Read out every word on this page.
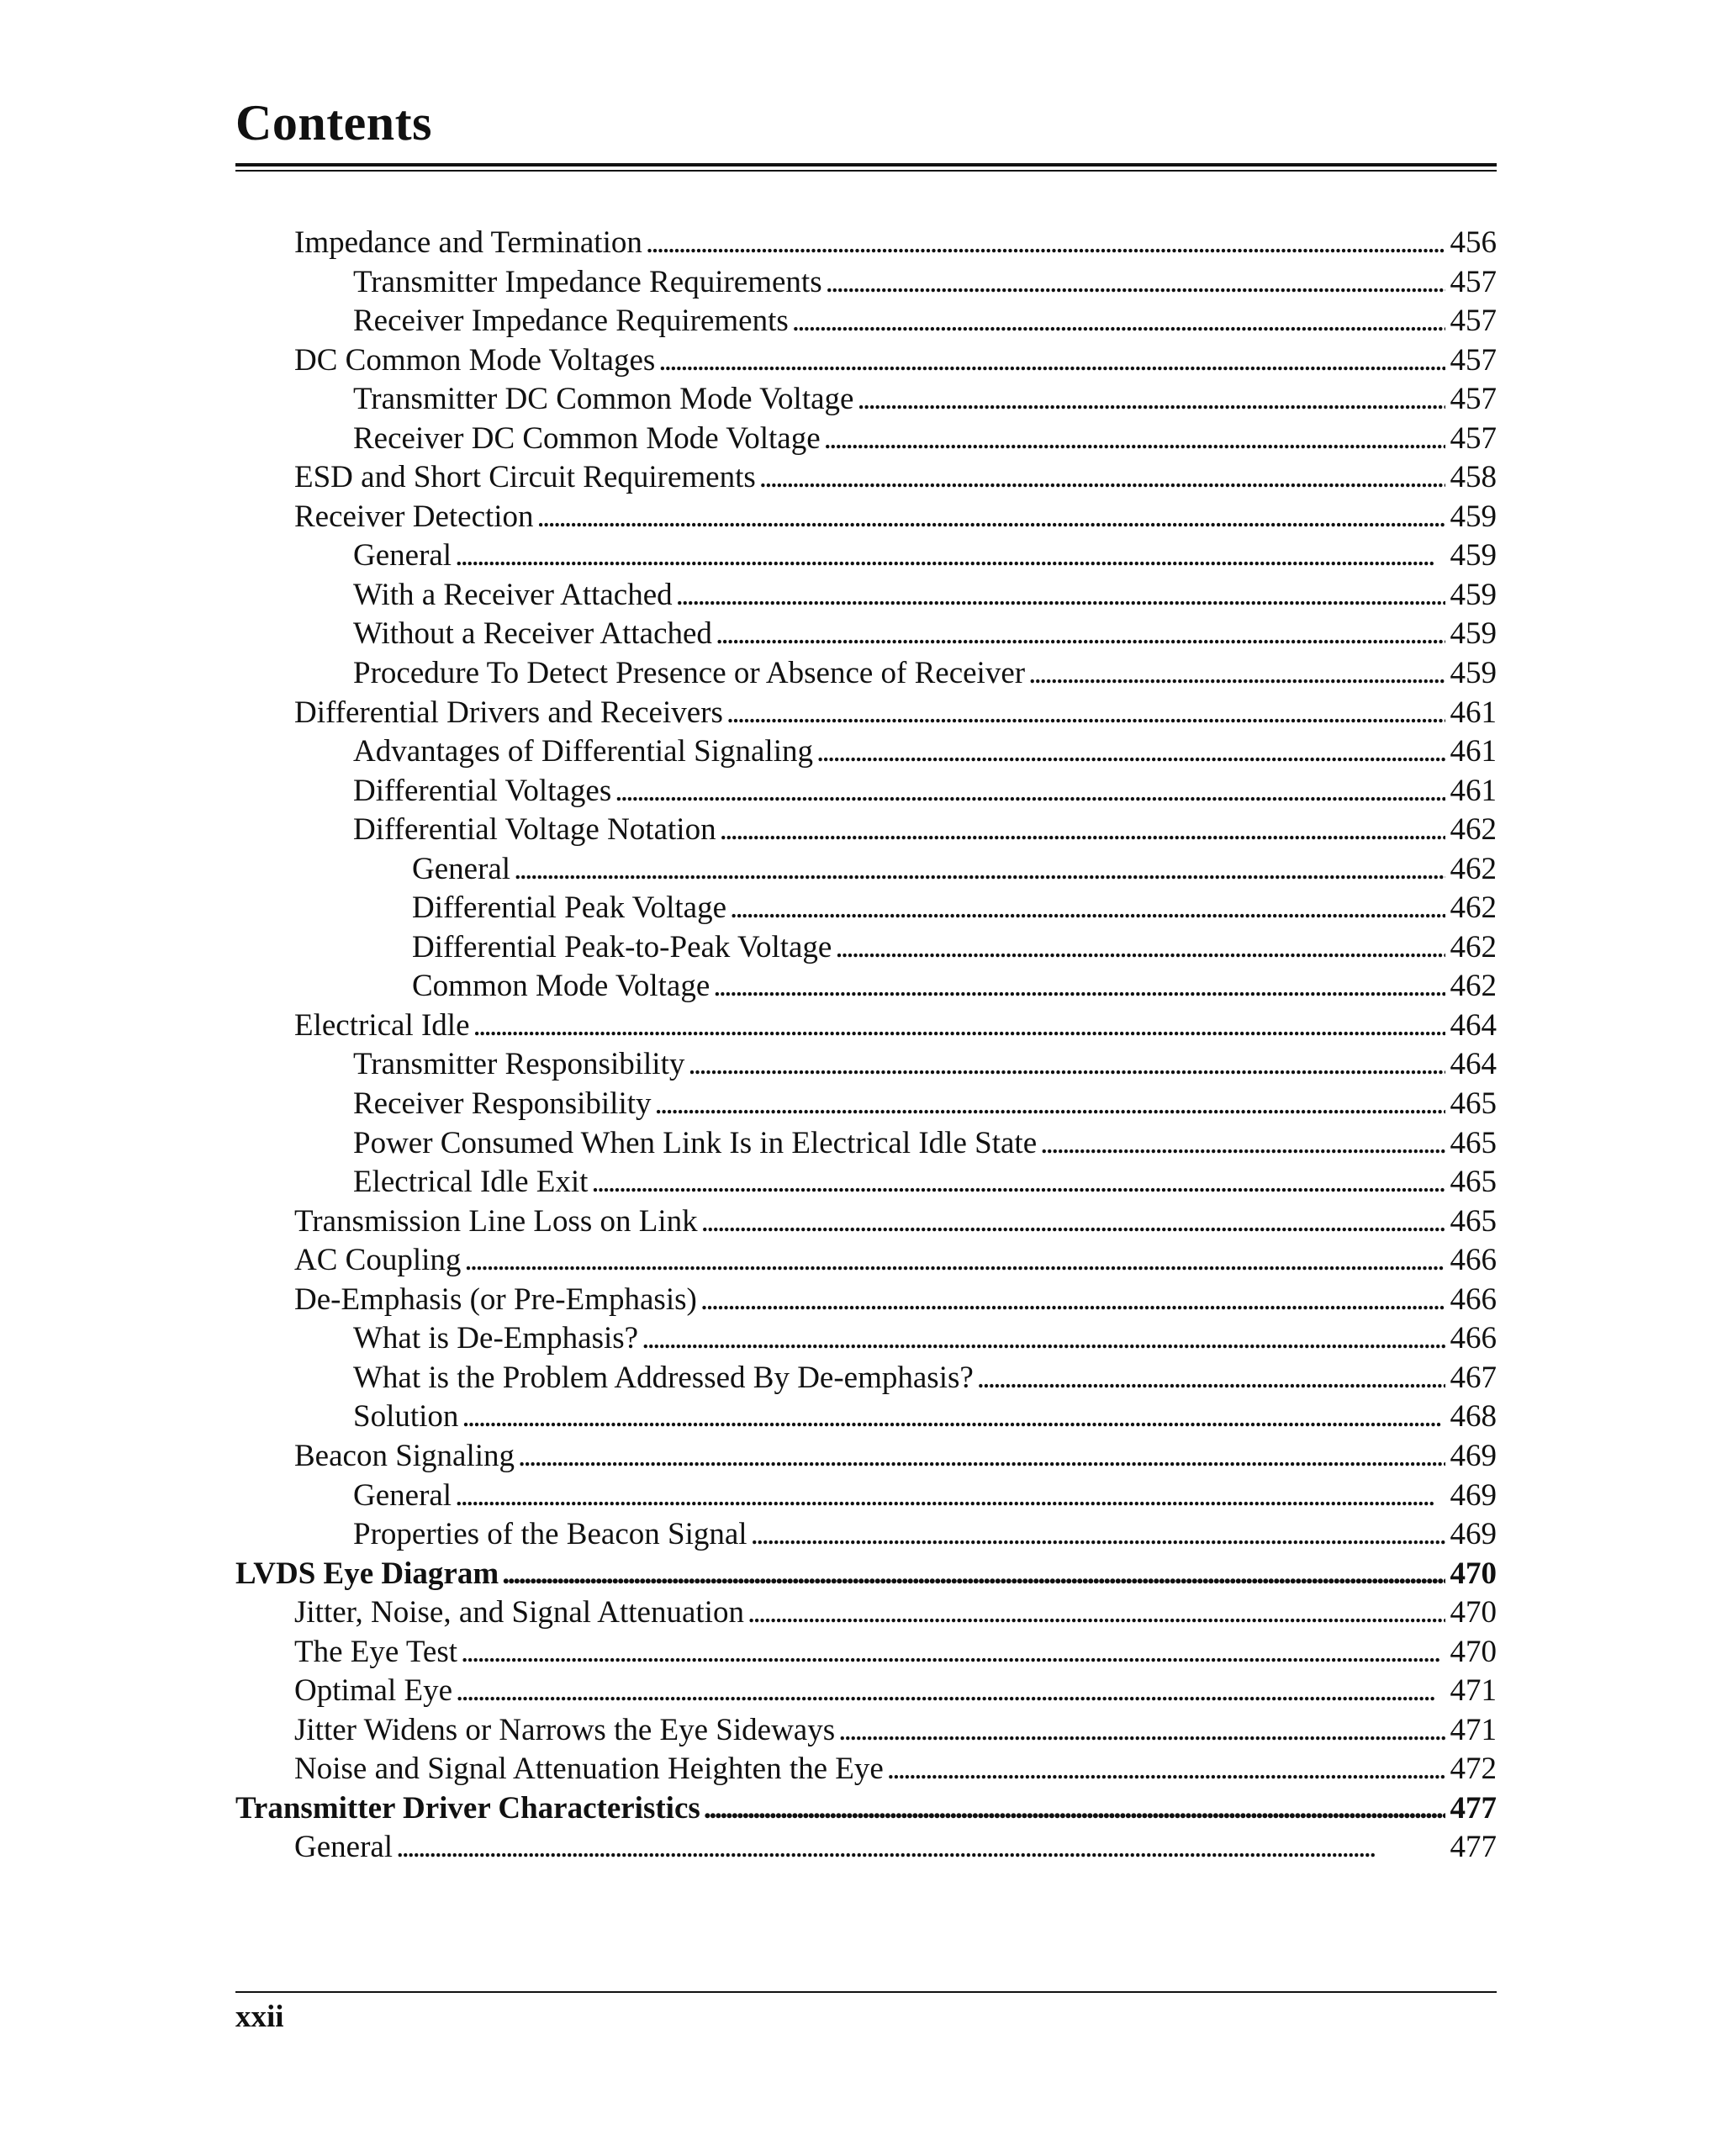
Contents
Impedance and Termination . . .	456
Transmitter Impedance Requirements . . .	457
Receiver Impedance Requirements . . .	457
DC Common Mode Voltages . . .	457
Transmitter DC Common Mode Voltage . . .	457
Receiver DC Common Mode Voltage . . .	457
ESD and Short Circuit Requirements . . .	458
Receiver Detection . . .	459
General . . .	459
With a Receiver Attached . . .	459
Without a Receiver Attached . . .	459
Procedure To Detect Presence or Absence of Receiver . . .	459
Differential Drivers and Receivers . . .	461
Advantages of Differential Signaling . . .	461
Differential Voltages . . .	461
Differential Voltage Notation . . .	462
General . . .	462
Differential Peak Voltage . . .	462
Differential Peak-to-Peak Voltage . . .	462
Common Mode Voltage . . .	462
Electrical Idle . . .	464
Transmitter Responsibility . . .	464
Receiver Responsibility . . .	465
Power Consumed When Link Is in Electrical Idle State . . .	465
Electrical Idle Exit . . .	465
Transmission Line Loss on Link . . .	465
AC Coupling . . .	466
De-Emphasis (or Pre-Emphasis) . . .	466
What is De-Emphasis? . . .	466
What is the Problem Addressed By De-emphasis? . . .	467
Solution . . .	468
Beacon Signaling . . .	469
General . . .	469
Properties of the Beacon Signal . . .	469
LVDS Eye Diagram . . .	470
Jitter, Noise, and Signal Attenuation . . .	470
The Eye Test . . .	470
Optimal Eye . . .	471
Jitter Widens or Narrows the Eye Sideways . . .	471
Noise and Signal Attenuation Heighten the Eye . . .	472
Transmitter Driver Characteristics . . .	477
General . . .	477
xxii
